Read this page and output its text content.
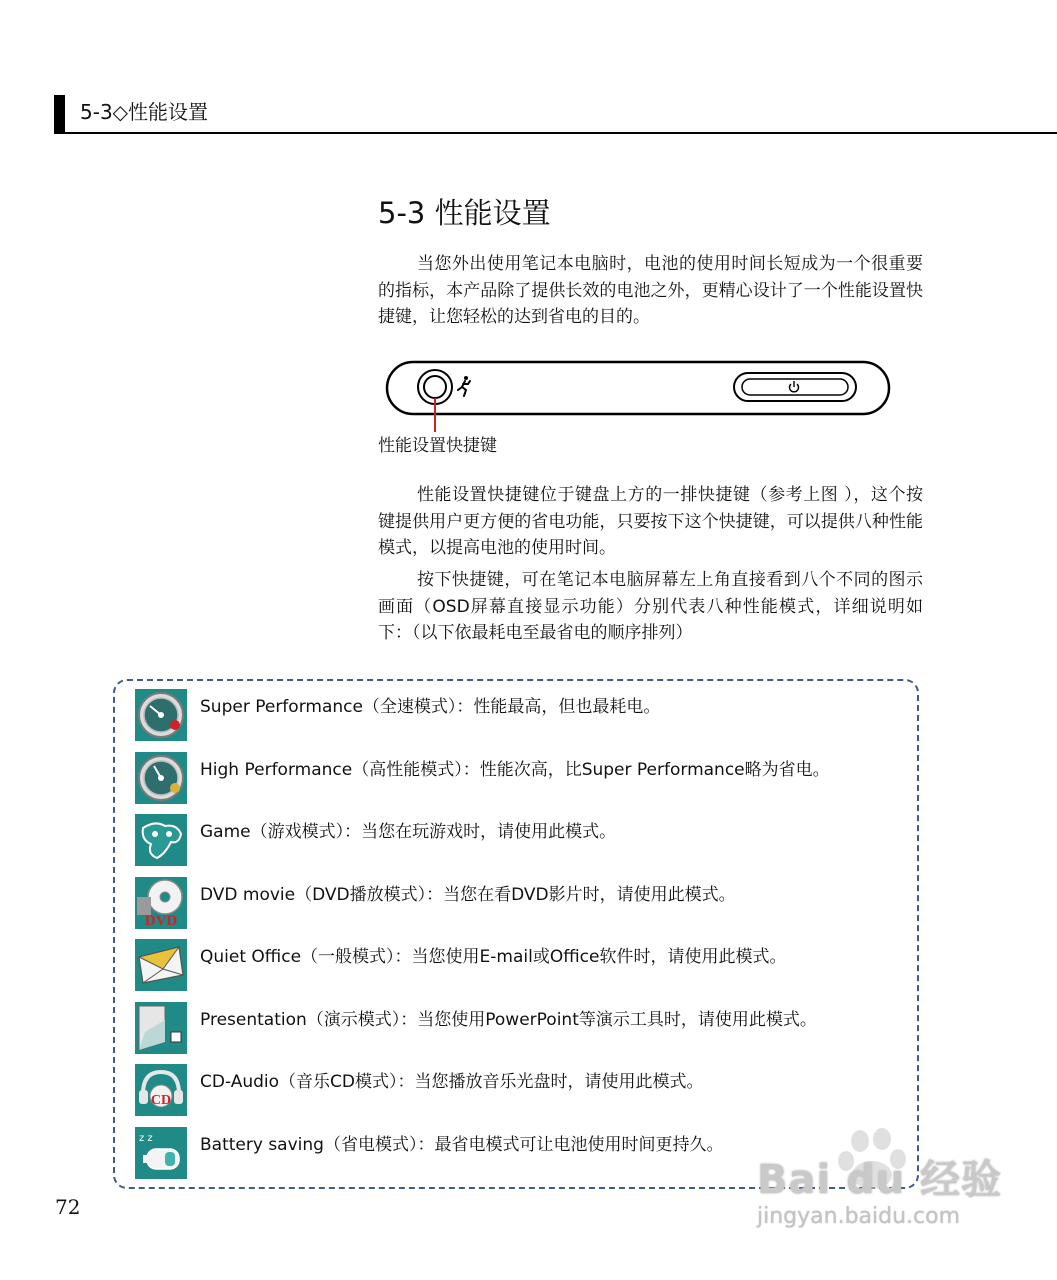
5-3◇性能设置
5-3 性能设置

当您外出使用笔记本电脑时，电池的使用时间长短成为一个很重要的指标，本产品除了提供长效的电池之外，更精心设计了一个性能设置快捷键，让您轻松的达到省电的目的。

性能设置快捷键

性能设置快捷键位于键盘上方的一排快捷键（参考上图 ），这个按键提供用户更方便的省电功能，只要按下这个快捷键，可以提供八种性能模式，以提高电池的使用时间。

按下快捷键，可在笔记本电脑屏幕左上角直接看到八个不同的图示画面（OSD屏幕直接显示功能）分别代表八种性能模式，详细说明如下：（以下依最耗电至最省电的顺序排列）

Super Performance（全速模式）：性能最高，但也最耗电。
High Performance（高性能模式）：性能次高，比Super Performance略为省电。
Game（游戏模式）：当您在玩游戏时，请使用此模式。
DVD
DVD movie（DVD播放模式）：当您在看DVD影片时，请使用此模式。
Quiet Office（一般模式）：当您使用E-mail或Office软件时，请使用此模式。
Presentation（演示模式）：当您使用PowerPoint等演示工具时，请使用此模式。
CD
CD-Audio（音乐CD模式）：当您播放音乐光盘时，请使用此模式。
z z	Battery saving（省电模式）：最省电模式可让电池使用时间更持久。
72
Bai du 经验
jingyan.baidu.com
